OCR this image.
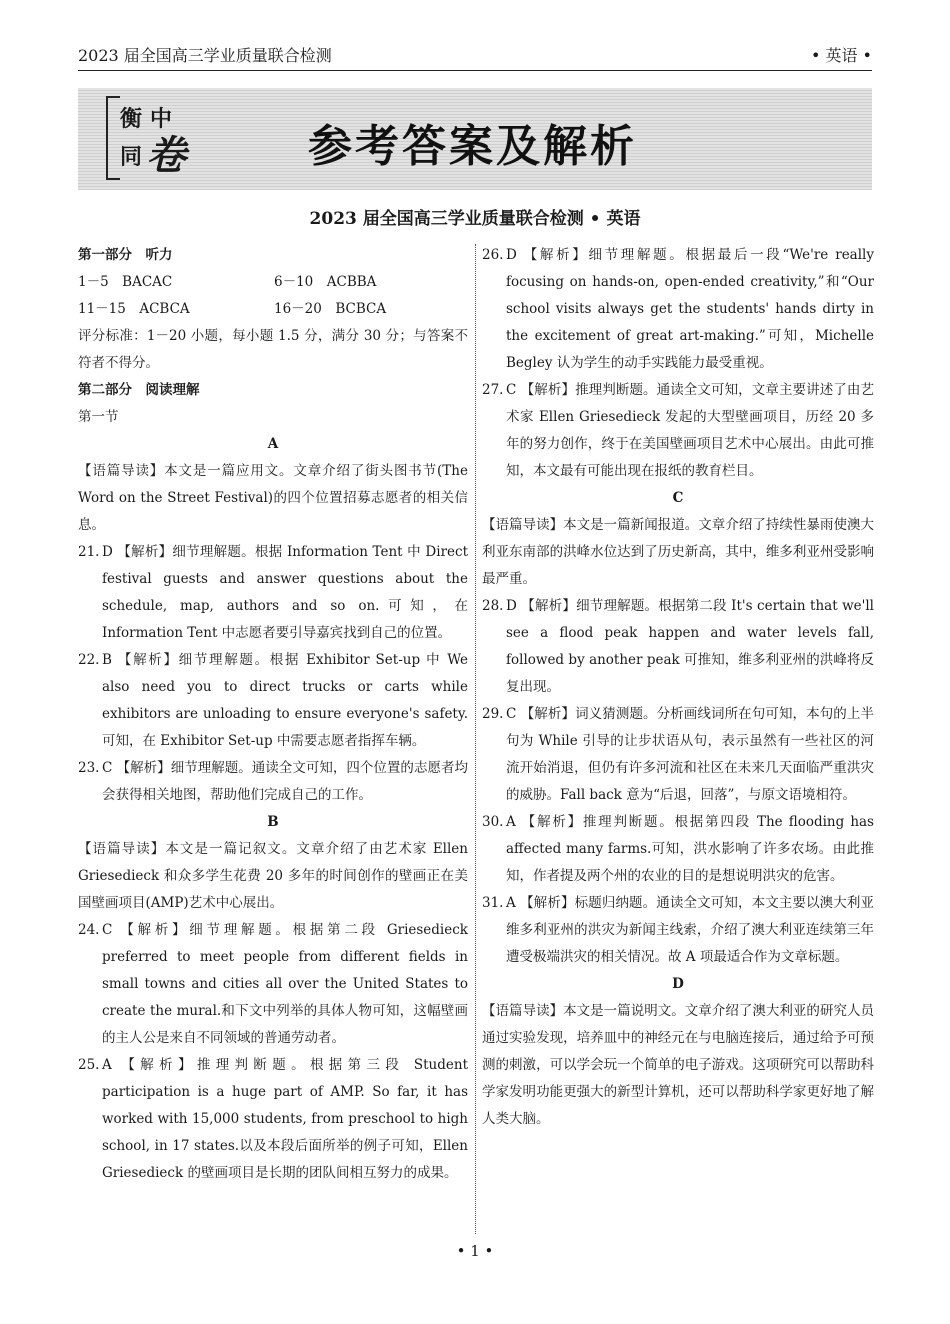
2023 届全国高三学业质量联合检测	• 英语 •
衡
同
中
卷	参考答案及解析
2023 届全国高三学业质量联合检测 • 英语
第一部分　听力
1－5　BACAC	6－10　ACBBA
11－15　ACBCA	16－20　BCBCA
评分标准：1－20 小题，每小题 1.5 分，满分 30 分；与答案不符者不得分。
第二部分　阅读理解
第一节
A
【语篇导读】本文是一篇应用文。文章介绍了街头图书节(The Word on the Street Festival)的四个位置招募志愿者的相关信息。
21. D 【解析】细节理解题。根据 Information Tent 中 Direct festival guests and answer questions about the schedule, map, authors and so on.可知，在 Information Tent 中志愿者要引导嘉宾找到自己的位置。
22. B 【解析】细节理解题。根据 Exhibitor Set-up 中 We also need you to direct trucks or carts while exhibitors are unloading to ensure everyone's safety.可知，在 Exhibitor Set-up 中需要志愿者指挥车辆。
23. C 【解析】细节理解题。通读全文可知，四个位置的志愿者均会获得相关地图，帮助他们完成自己的工作。
B
【语篇导读】本文是一篇记叙文。文章介绍了由艺术家 Ellen Griesedieck 和众多学生花费 20 多年的时间创作的壁画正在美国壁画项目(AMP)艺术中心展出。
24. C 【解析】细节理解题。根据第二段 Griesedieck preferred to meet people from different fields in small towns and cities all over the United States to create the mural.和下文中列举的具体人物可知，这幅壁画的主人公是来自不同领域的普通劳动者。
25. A 【解析】推理判断题。根据第三段 Student participation is a huge part of AMP. So far, it has worked with 15,000 students, from preschool to high school, in 17 states.以及本段后面所举的例子可知，Ellen Griesedieck 的壁画项目是长期的团队间相互努力的成果。
26. D 【解析】细节理解题。根据最后一段“We're really focusing on hands-on, open-ended creativity,”和“Our school visits always get the students' hands dirty in the excitement of great art-making.”可知，Michelle Begley 认为学生的动手实践能力最受重视。
27. C 【解析】推理判断题。通读全文可知，文章主要讲述了由艺术家 Ellen Griesedieck 发起的大型壁画项目，历经 20 多年的努力创作，终于在美国壁画项目艺术中心展出。由此可推知，本文最有可能出现在报纸的教育栏目。
C
【语篇导读】本文是一篇新闻报道。文章介绍了持续性暴雨使澳大利亚东南部的洪峰水位达到了历史新高，其中，维多利亚州受影响最严重。
28. D 【解析】细节理解题。根据第二段 It's certain that we'll see a flood peak happen and water levels fall, followed by another peak 可推知，维多利亚州的洪峰将反复出现。
29. C 【解析】词义猜测题。分析画线词所在句可知，本句的上半句为 While 引导的让步状语从句，表示虽然有一些社区的河流开始消退，但仍有许多河流和社区在未来几天面临严重洪灾的威胁。Fall back 意为“后退，回落”，与原文语境相符。
30. A 【解析】推理判断题。根据第四段 The flooding has affected many farms.可知，洪水影响了许多农场。由此推知，作者提及两个州的农业的目的是想说明洪灾的危害。
31. A 【解析】标题归纳题。通读全文可知，本文主要以澳大利亚维多利亚州的洪灾为新闻主线索，介绍了澳大利亚连续第三年遭受极端洪灾的相关情况。故 A 项最适合作为文章标题。
D
【语篇导读】本文是一篇说明文。文章介绍了澳大利亚的研究人员通过实验发现，培养皿中的神经元在与电脑连接后，通过给予可预测的刺激，可以学会玩一个简单的电子游戏。这项研究可以帮助科学家发明功能更强大的新型计算机，还可以帮助科学家更好地了解人类大脑。
• 1 •
